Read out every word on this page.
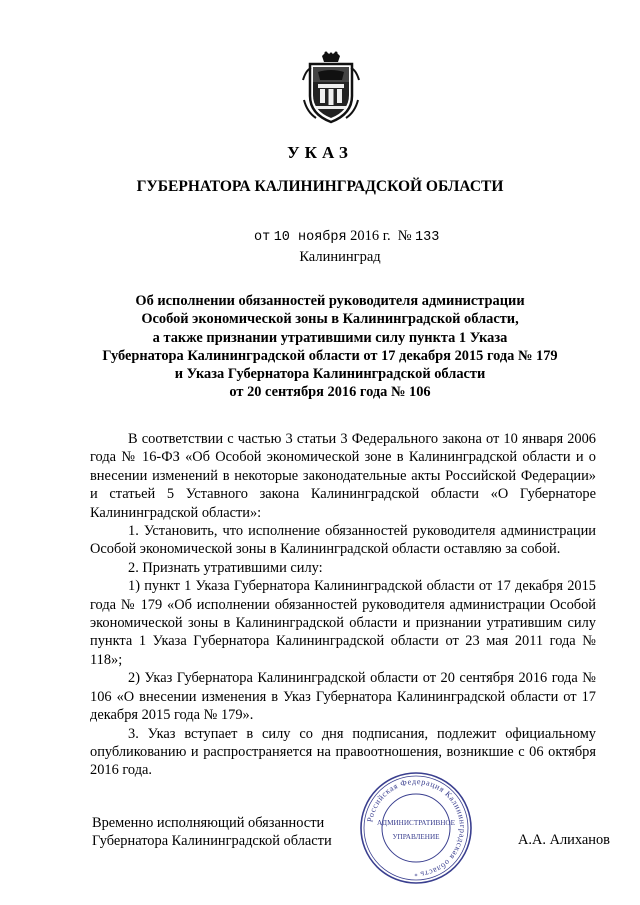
УКАЗ
ГУБЕРНАТОРА КАЛИНИНГРАДСКОЙ ОБЛАСТИ
от 10 ноября 2016 г. № 133
Калининград
Об исполнении обязанностей руководителя администрации
Особой экономической зоны в Калининградской области,
а также признании утратившими силу пункта 1 Указа
Губернатора Калининградской области от 17 декабря 2015 года № 179
и Указа Губернатора Калининградской области
от 20 сентября 2016 года № 106

В соответствии с частью 3 статьи 3 Федерального закона от 10 января 2006 года № 16-ФЗ «Об Особой экономической зоне в Калининградской области и о внесении изменений в некоторые законодательные акты Российской Федерации» и статьей 5 Уставного закона Калининградской области «О Губернаторе Калининградской области»:

1. Установить, что исполнение обязанностей руководителя администрации Особой экономической зоны в Калининградской области оставляю за собой.

2. Признать утратившими силу:

1) пункт 1 Указа Губернатора Калининградской области от 17 декабря 2015 года № 179 «Об исполнении обязанностей руководителя администрации Особой экономической зоны в Калининградской области и признании утратившим силу пункта 1 Указа Губернатора Калининградской области от 23 мая 2011 года № 118»;

2) Указ Губернатора Калининградской области от 20 сентября 2016 года № 106 «О внесении изменения в Указ Губернатора Калининградской области от 17 декабря 2015 года № 179».

3. Указ вступает в силу со дня подписания, подлежит официальному опубликованию и распространяется на правоотношения, возникшие с 06 октября 2016 года.

Временно исполняющий обязанности
Губернатора Калининградской области	А.А. Алиханов
Российская Федерация Калининградская область
АДМИНИСТРАТИВНОЕ
УПРАВЛЕНИЕ
*
